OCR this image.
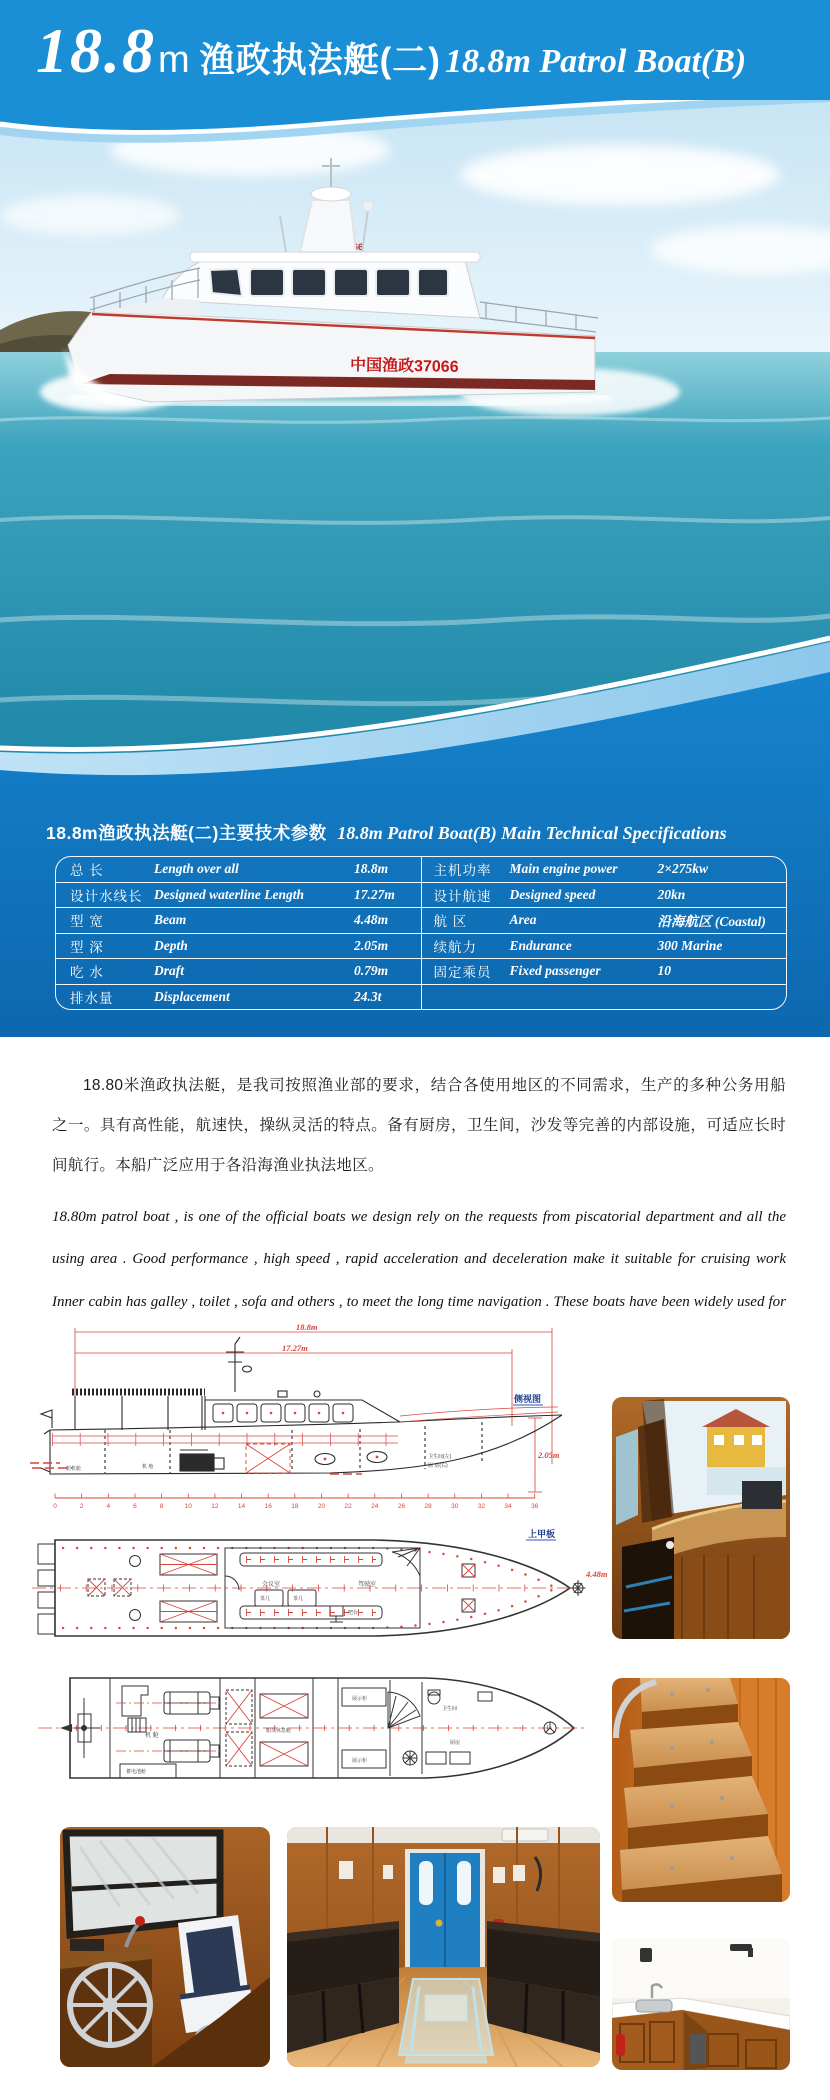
中国渔政37066
18.8 m 渔政执法艇(二) 18.8m Patrol Boat(B)
18.8m渔政执法艇(二)主要技术参数 18.8m Patrol Boat(B) Main Technical Specifications
总 长	Length over all	18.8m
设计水线长 Designed waterline Length	17.27m
型 宽	Beam	4.48m
型 深	Depth	2.05m
吃 水	Draft	0.79m
排水量	Displacement	24.3t
主机功率	Main engine power	2×275kw
设计航速	Designed speed	20kn
航 区	Area	沿海航区 (Coastal)
续航力	Endurance	300 Marine
固定乘员	Fixed passenger	10
18.80米渔政执法艇，是我司按照渔业部的要求，结合各使用地区的不同需求，生产的多种公务用船之一。具有高性能，航速快，操纵灵活的特点。备有厨房，卫生间，沙发等完善的内部设施，可适应长时间航行。本船广泛应用于各沿海渔业执法地区。
18.80m patrol boat , is one of the official boats we design rely on the requests from piscatorial department and all the using area . Good performance , high speed , rapid acceleration and deceleration make it suitable for cruising work Inner cabin has galley , toilet , sofa and others , to meet the long time navigation . These boats have been widely used for the patrol work.
18.8m
17.27m
2.05m
侧视图
舵机舱	机 舱
卫生间(左)
厨 房(右)
0	2	4	6	8	10	12	14	16	18	20	22	24	26	28	30	32	34	36
上甲板
4.48m
会议室
茶几	茶几
吧台
驾驶室
机 舱
蓄电池舱
船员休息舱
展示柜
展示柜
卫生间
厨房
